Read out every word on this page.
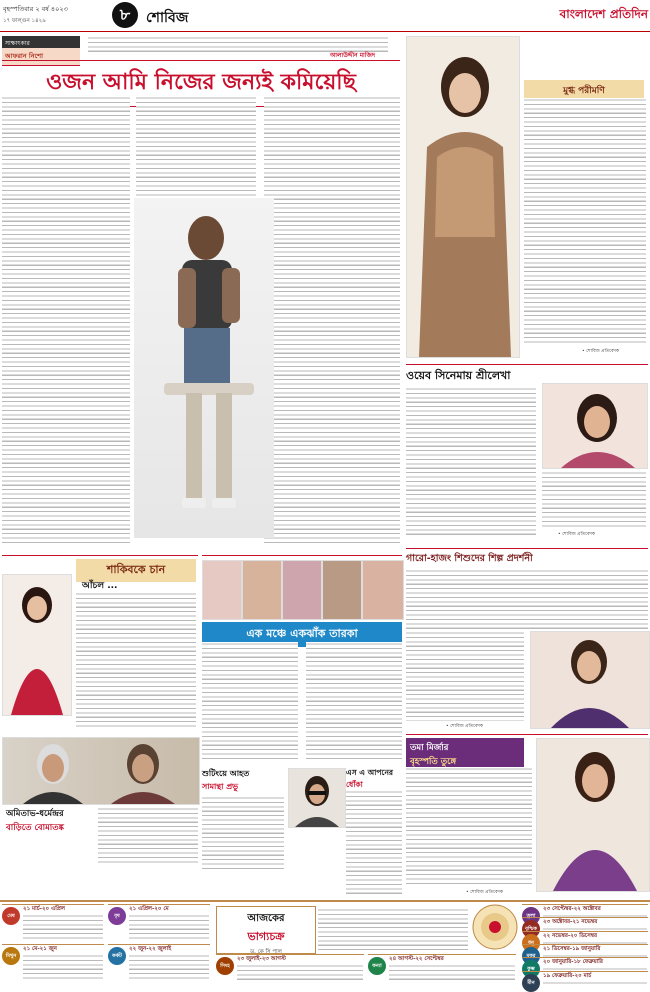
বৃহস্পতিবার ২ বর্ষ ৪০২৩
১৭ ফাল্গুন ১৪২৯	৮	শোবিজ	বাংলাদেশ প্রতিদিন
সাক্ষাৎকার
আফরান নিশো	আলাউদ্দীন মাজিদ
ওজন আমি নিজের জন্যই কমিয়েছি	মুগ্ধ পরীমণি
• শোবিজ প্রতিবেদক
ওয়েব সিনেমায় শ্রীলেখা
• শোবিজ প্রতিবেদক
শাকিবকে চান
আঁচল ...
এক মঞ্চে একঝাঁক তারকা
গারো-হাজং শিশুদের শিল্প প্রদর্শনী
• শোবিজ প্রতিবেদক
অমিতাভ-ধর্মেন্দ্রর
বাড়িতে বোমাতঙ্ক
শুটিংয়ে আহত
সামান্থা প্রভু
এস এ আপনের
ধোঁকা
তমা মির্জার
বৃহস্পতি তুঙ্গে
• শোবিজ প্রতিবেদক
আজকের
ভাগ্যচক্র
ড. কে সি পাল
মেষ
২১ মার্চ-২০ এপ্রিল
বৃষ
২১ এপ্রিল-২০ মে
মিথুন
২১ মে-২১ জুন
কর্কট
২২ জুন-২২ জুলাই
তুলা
২৩ সেপ্টেম্বর-২২ অক্টোবর
বৃশ্চিক
২৩ অক্টোবর-২১ নভেম্বর
ধনু
২২ নভেম্বর-২০ ডিসেম্বর
মকর
২১ ডিসেম্বর-১৯ জানুয়ারি
কুম্ভ
২০ জানুয়ারি-১৮ ফেব্রুয়ারি
মীন
১৯ ফেব্রুয়ারি-২০ মার্চ
সিংহ
২৩ জুলাই-২৩ আগস্ট
কন্যা
২৪ আগস্ট-২২ সেপ্টেম্বর
